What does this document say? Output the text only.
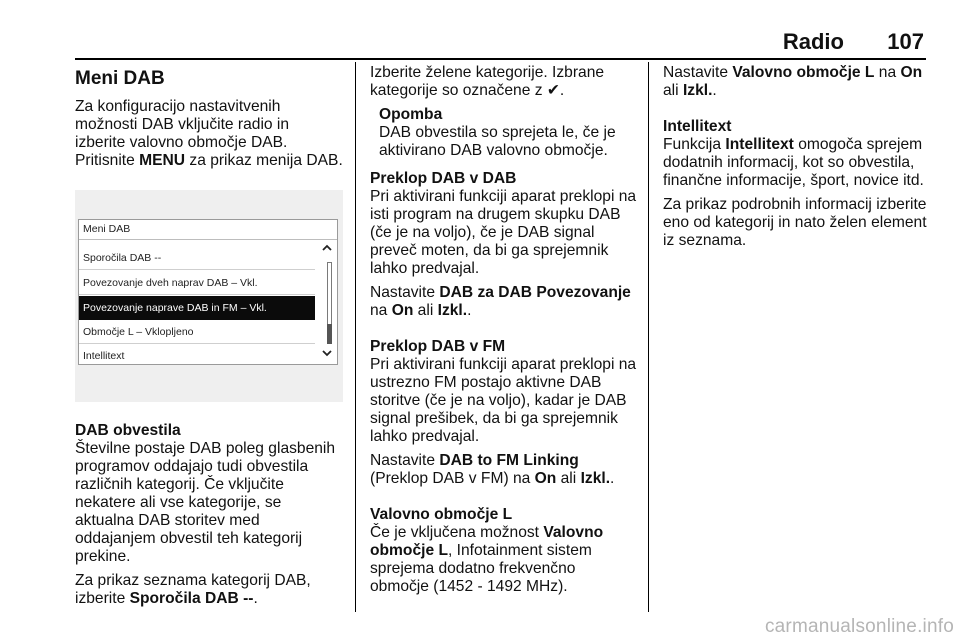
Radio 107
Meni DAB

Za konfiguracijo nastavitvenih možnosti DAB vključite radio in izberite valovno območje DAB. Pritisnite MENU za prikaz menija DAB.

Meni DAB
Sporočila DAB --
Povezovanje dveh naprav DAB – Vkl.
Povezovanje naprave DAB in FM – Vkl.
Območje L – Vklopljeno
Intellitext
DAB obvestila

Številne postaje DAB poleg glasbenih programov oddajajo tudi obvestila različnih kategorij. Če vključite nekatere ali vse kategorije, se aktualna DAB storitev med oddajanjem obvestil teh kategorij prekine.

Za prikaz seznama kategorij DAB, izberite Sporočila DAB --.

Izberite želene kategorije. Izbrane kategorije so označene z ✔.

Opomba
DAB obvestila so sprejeta le, če je aktivirano DAB valovno območje.
Preklop DAB v DAB

Pri aktivirani funkciji aparat preklopi na isti program na drugem skupku DAB (če je na voljo), če je DAB signal preveč moten, da bi ga sprejemnik lahko predvajal.

Nastavite DAB za DAB Povezovanje na On ali Izkl..

Preklop DAB v FM

Pri aktivirani funkciji aparat preklopi na ustrezno FM postajo aktivne DAB storitve (če je na voljo), kadar je DAB signal prešibek, da bi ga sprejemnik lahko predvajal.

Nastavite DAB to FM Linking (Preklop DAB v FM) na On ali Izkl..

Valovno območje L

Če je vključena možnost Valovno območje L, Infotainment sistem sprejema dodatno frekvenčno območje (1452 - 1492 MHz).

Nastavite Valovno območje L na On
ali Izkl..

Intellitext

Funkcija Intellitext omogoča sprejem dodatnih informacij, kot so obvestila, finančne informacije, šport, novice itd.

Za prikaz podrobnih informacij izberite eno od kategorij in nato želen element iz seznama.

carmanualsonline.info
